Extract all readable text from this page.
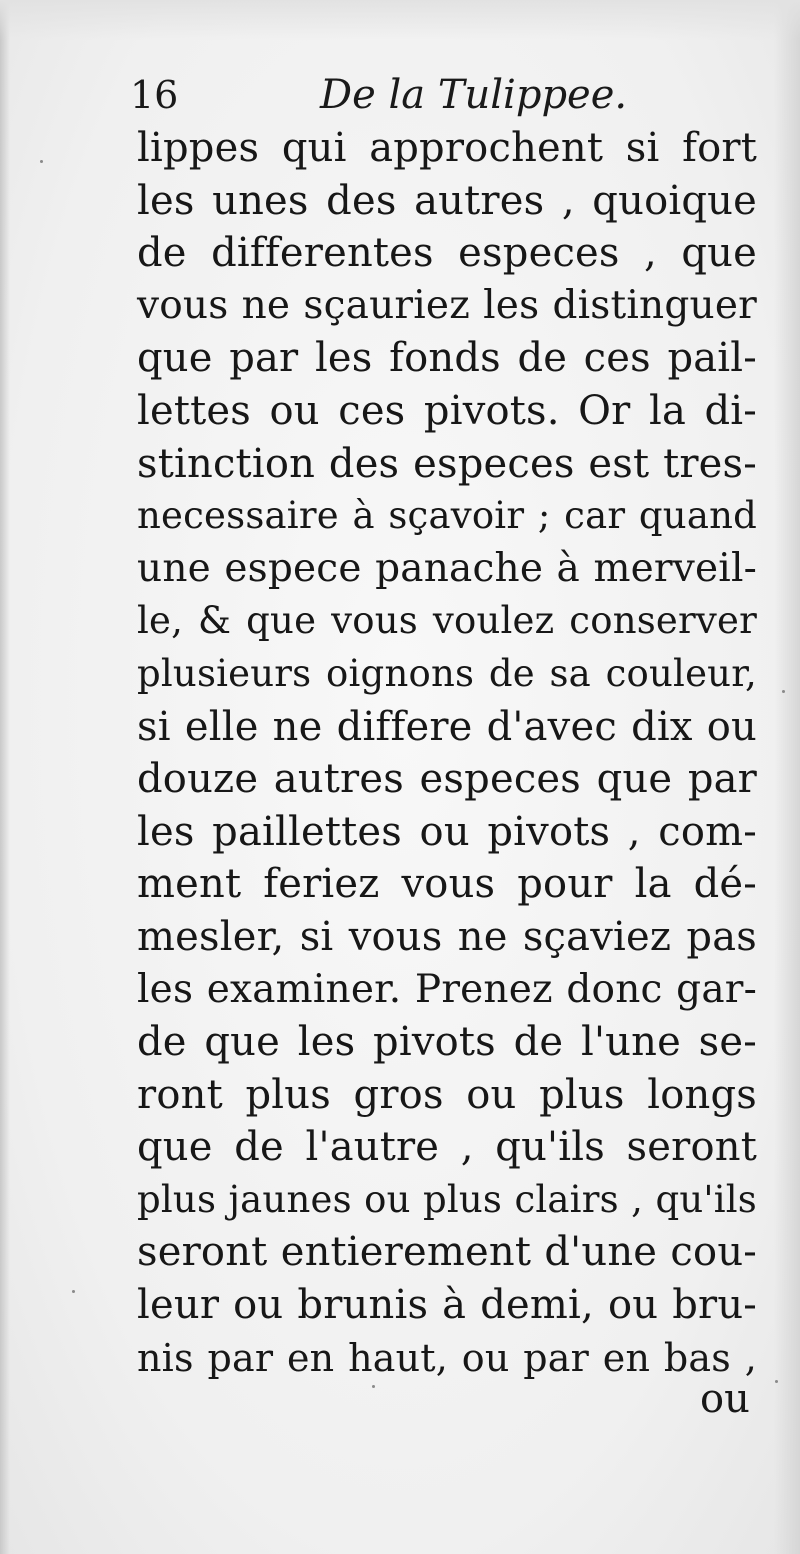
16	De la Tulippee.
lippes qui approchent si fort
les unes des autres , quoique
de differentes especes , que
vous ne sçauriez les distinguer
que par les fonds de ces pail-
lettes ou ces pivots. Or la di-
stinction des especes est tres-
necessaire à sçavoir ; car quand
une espece panache à merveil-
le, & que vous voulez conserver
plusieurs oignons de sa couleur,
si elle ne differe d'avec dix ou
douze autres especes que par
les paillettes ou pivots , com-
ment feriez vous pour la dé-
mesler, si vous ne sçaviez pas
les examiner. Prenez donc gar-
de que les pivots de l'une se-
ront plus gros ou plus longs
que de l'autre , qu'ils seront
plus jaunes ou plus clairs , qu'ils
seront entierement d'une cou-
leur ou brunis à demi, ou bru-
nis par en haut, ou par en bas ,
ou
